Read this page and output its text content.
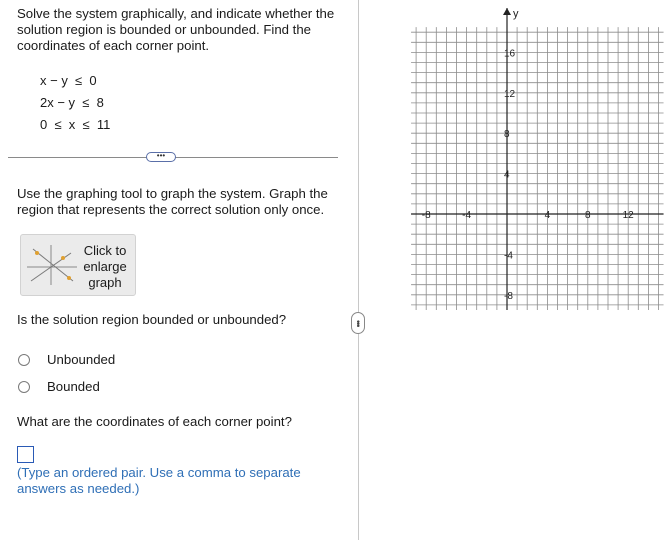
Solve the system graphically, and indicate whether the solution region is bounded or unbounded. Find the coordinates of each corner point.

x − y  ≤  0
2x − y  ≤  8
0  ≤  x  ≤  11
•••

Use the graphing tool to graph the system. Graph the region that represents the correct solution only once.

Click to
enlarge
graph

Is the solution region bounded or unbounded?

Unbounded
Bounded

What are the coordinates of each corner point?

(Type an ordered pair. Use a comma to separate answers as needed.)

•••
y
-8	-4	4	8	12
16
12
8
4
-4
-8
